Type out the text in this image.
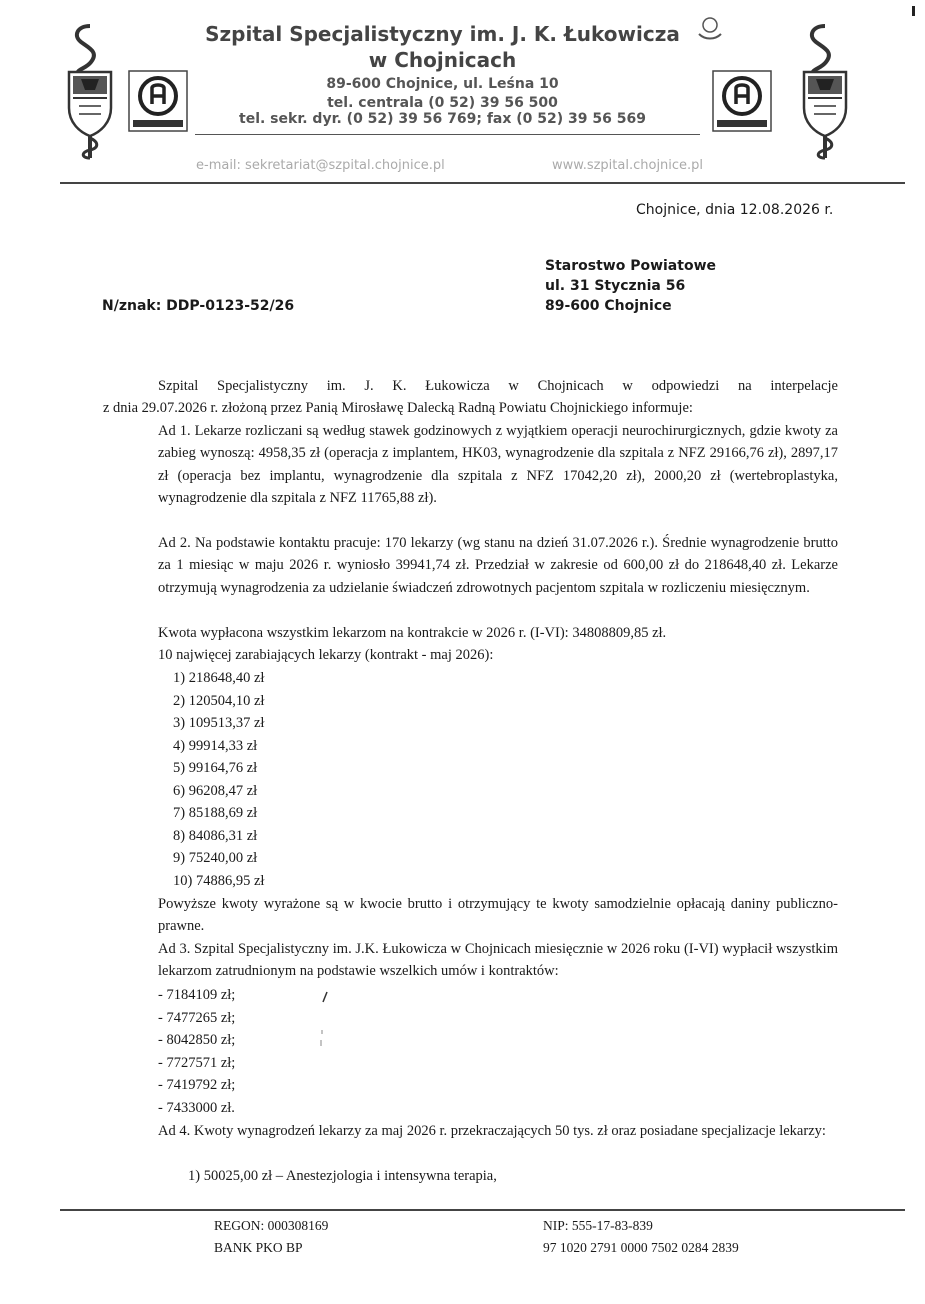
Szpital Specjalistyczny im. J. K. Łukowicza
w Chojnicach
89-600 Chojnice, ul. Leśna 10
tel. centrala (0 52) 39 56 500
tel. sekr. dyr. (0 52) 39 56 769; fax (0 52) 39 56 569
e-mail: sekretariat@szpital.chojnice.pl	www.szpital.chojnice.pl
Chojnice, dnia 12.08.2026 r.
Starostwo Powiatowe
ul. 31 Stycznia 56
89-600 Chojnice
N/znak: DDP-0123-52/26
Szpital Specjalistyczny im. J. K. Łukowicza w Chojnicach w odpowiedzi na interpelacje
z dnia 29.07.2026 r. złożoną przez Panią Mirosławę Dalecką Radną Powiatu Chojnickiego informuje:
Ad 1. Lekarze rozliczani są według stawek godzinowych z wyjątkiem operacji neurochirurgicznych, gdzie kwoty za zabieg wynoszą: 4958,35 zł (operacja z implantem, HK03, wynagrodzenie dla szpitala z NFZ 29166,76 zł), 2897,17 zł (operacja bez implantu, wynagrodzenie dla szpitala z NFZ 17042,20 zł), 2000,20 zł (wertebroplastyka, wynagrodzenie dla szpitala z NFZ 11765,88 zł).
Ad 2. Na podstawie kontaktu pracuje: 170 lekarzy (wg stanu na dzień 31.07.2026 r.). Średnie wynagrodzenie brutto za 1 miesiąc w maju 2026 r. wyniosło 39941,74 zł. Przedział w zakresie od 600,00 zł do 218648,40 zł. Lekarze otrzymują wynagrodzenia za udzielanie świadczeń zdrowotnych pacjentom szpitala w rozliczeniu miesięcznym.
Kwota wypłacona wszystkim lekarzom na kontrakcie w 2026 r. (I-VI): 34808809,85 zł.
10 najwięcej zarabiających lekarzy (kontrakt - maj 2026):
1) 218648,40 zł
2) 120504,10 zł
3) 109513,37 zł
4) 99914,33 zł
5) 99164,76 zł
6) 96208,47 zł
7) 85188,69 zł
8) 84086,31 zł
9) 75240,00 zł
10) 74886,95 zł
Powyższe kwoty wyrażone są w kwocie brutto i otrzymujący te kwoty samodzielnie opłacają daniny publiczno-prawne.
Ad 3. Szpital Specjalistyczny im. J.K. Łukowicza w Chojnicach miesięcznie w 2026 roku (I-VI) wypłacił wszystkim lekarzom zatrudnionym na podstawie wszelkich umów i kontraktów:
- 7184109 zł;
- 7477265 zł;
- 8042850 zł;
- 7727571 zł;
- 7419792 zł;
- 7433000 zł.
Ad 4. Kwoty wynagrodzeń lekarzy za maj 2026 r. przekraczających 50 tys. zł oraz posiadane specjalizacje lekarzy:
1) 50025,00 zł – Anestezjologia i intensywna terapia,
REGON: 000308169
BANK PKO BP
NIP: 555-17-83-839
97 1020 2791 0000 7502 0284 2839
